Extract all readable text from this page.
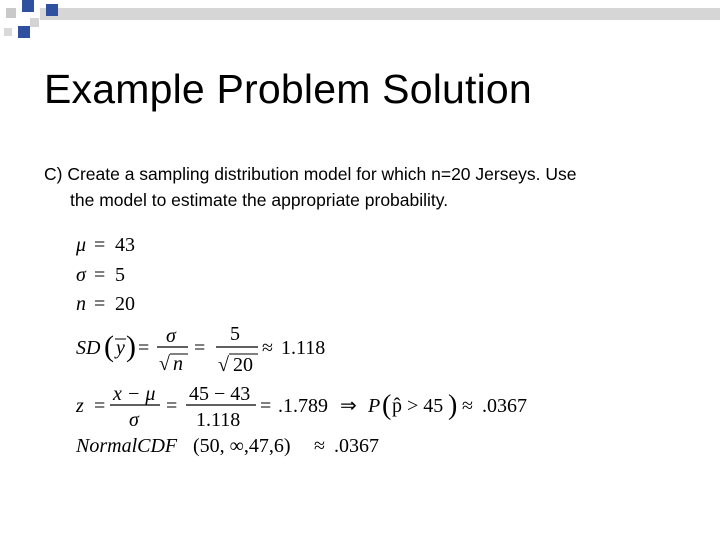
Example Problem Solution
C) Create a sampling distribution model for which n=20 Jerseys. Use
the model to estimate the appropriate probability.
μ = 43
σ = 5
n = 20
SD ( y ) =
σ
√ n
=
5
√ 20
≈ 1.118
z =
x − μ
σ
=
45 − 43
1.118
= .1.789 ⇒ P ( p̂ > 45 ) ≈ .0367
NormalCDF (50, ∞,47,6) ≈ .0367
